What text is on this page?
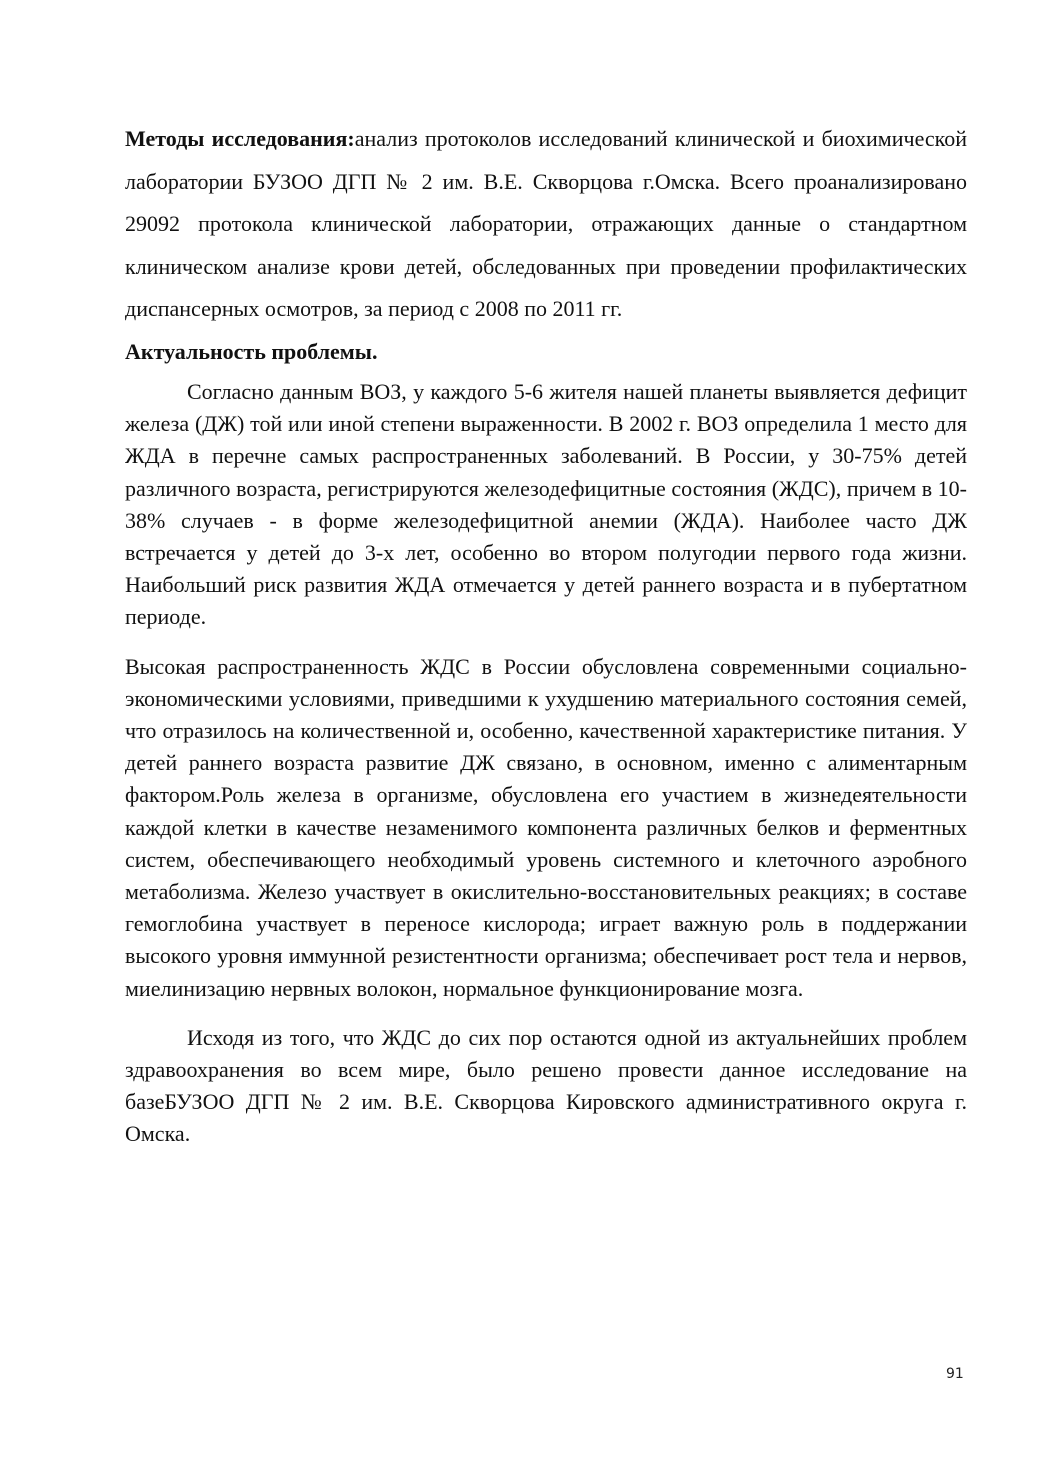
Методы исследования:анализ протоколов исследований клинической и биохимической лаборатории БУЗОО ДГП № 2 им. В.Е. Скворцова г.Омска. Всего проанализировано 29092 протокола клинической лаборатории, отражающих данные о стандартном клиническом анализе крови детей, обследованных при проведении профилактических диспансерных осмотров, за период с 2008 по 2011 гг.

Актуальность проблемы.

Согласно данным ВОЗ, у каждого 5-6 жителя нашей планеты выявляется дефицит железа (ДЖ) той или иной степени выраженности. В 2002 г. ВОЗ определила 1 место для ЖДА в перечне самых распространенных заболеваний. В России, у 30-75% детей различного возраста, регистрируются железодефицитные состояния (ЖДС), причем в 10-38% случаев - в форме железодефицитной анемии (ЖДА). Наиболее часто ДЖ встречается у детей до 3-х лет, особенно во втором полугодии первого года жизни. Наибольший риск развития ЖДА отмечается у детей раннего возраста и в пубертатном периоде.

Высокая распространенность ЖДС в России обусловлена современными социально-экономическими условиями, приведшими к ухудшению материального состояния семей, что отразилось на количественной и, особенно, качественной характеристике питания. У детей раннего возраста развитие ДЖ связано, в основном, именно с алиментарным фактором.Роль железа в организме, обусловлена его участием в жизнедеятельности каждой клетки в качестве незаменимого компонента различных белков и ферментных систем, обеспечивающего необходимый уровень системного и клеточного аэробного метаболизма. Железо участвует в окислительно-восстановительных реакциях; в составе гемоглобина участвует в переносе кислорода; играет важную роль в поддержании высокого уровня иммунной резистентности организма; обеспечивает рост тела и нервов, миелинизацию нервных волокон, нормальное функционирование мозга.

Исходя из того, что ЖДС до сих пор остаются одной из актуальнейших проблем здравоохранения во всем мире, было решено провести данное исследование на базеБУЗОО ДГП № 2 им. В.Е. Скворцова Кировского административного округа г. Омска.

91
